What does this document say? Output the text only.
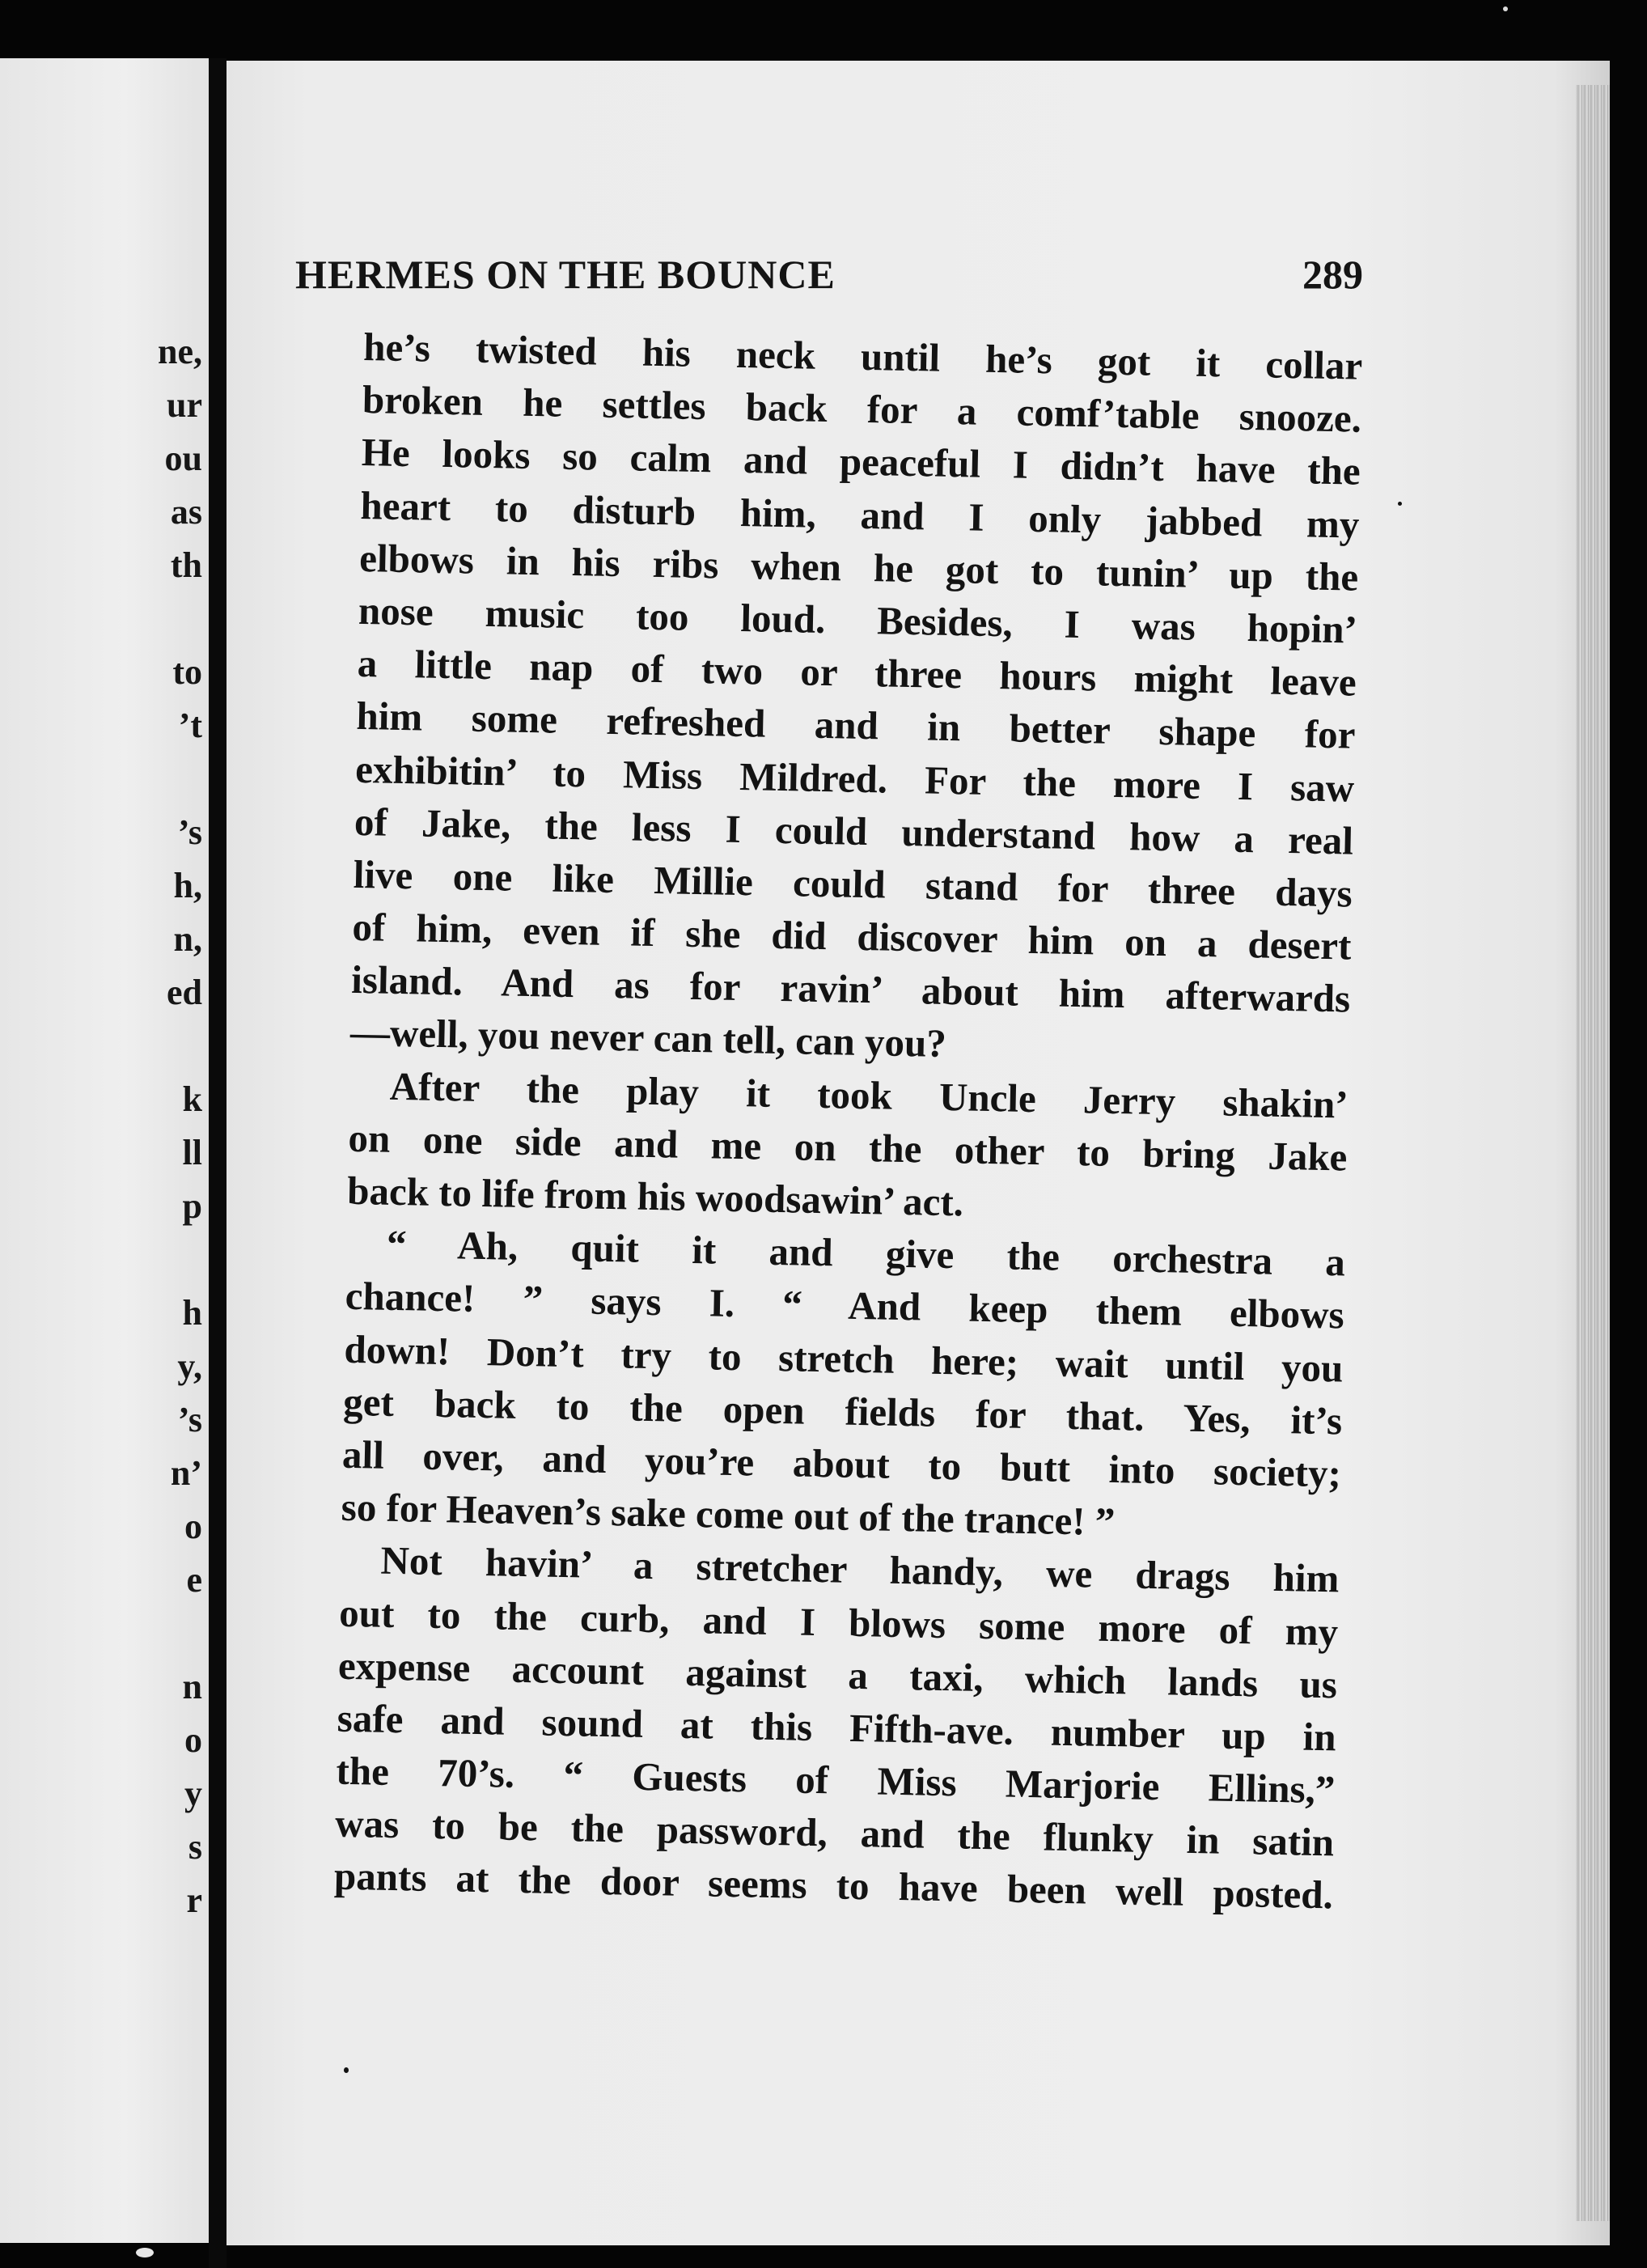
ne,
ur
ou
as
th
to
’t
’s
h,
n,
ed
k
ll
p
h
y,
’s
n’
o
e
n
o
y
s
r
HERMES ON THE BOUNCE	289
he’s twisted his neck until he’s got it collar
broken he settles back for a comf’table snooze.
He looks so calm and peaceful I didn’t have the
heart to disturb him, and I only jabbed my
elbows in his ribs when he got to tunin’ up the
nose music too loud. Besides, I was hopin’
a little nap of two or three hours might leave
him some refreshed and in better shape for
exhibitin’ to Miss Mildred. For the more I saw
of Jake, the less I could understand how a real
live one like Millie could stand for three days
of him, even if she did discover him on a desert
island. And as for ravin’ about him afterwards
—well, you never can tell, can you?
After the play it took Uncle Jerry shakin’
on one side and me on the other to bring Jake
back to life from his woodsawin’ act.
“ Ah, quit it and give the orchestra a
chance! ” says I. “ And keep them elbows
down! Don’t try to stretch here; wait until you
get back to the open fields for that. Yes, it’s
all over, and you’re about to butt into society;
so for Heaven’s sake come out of the trance! ”
Not havin’ a stretcher handy, we drags him
out to the curb, and I blows some more of my
expense account against a taxi, which lands us
safe and sound at this Fifth-ave. number up in
the 70’s. “ Guests of Miss Marjorie Ellins,”
was to be the password, and the flunky in satin
pants at the door seems to have been well posted.
